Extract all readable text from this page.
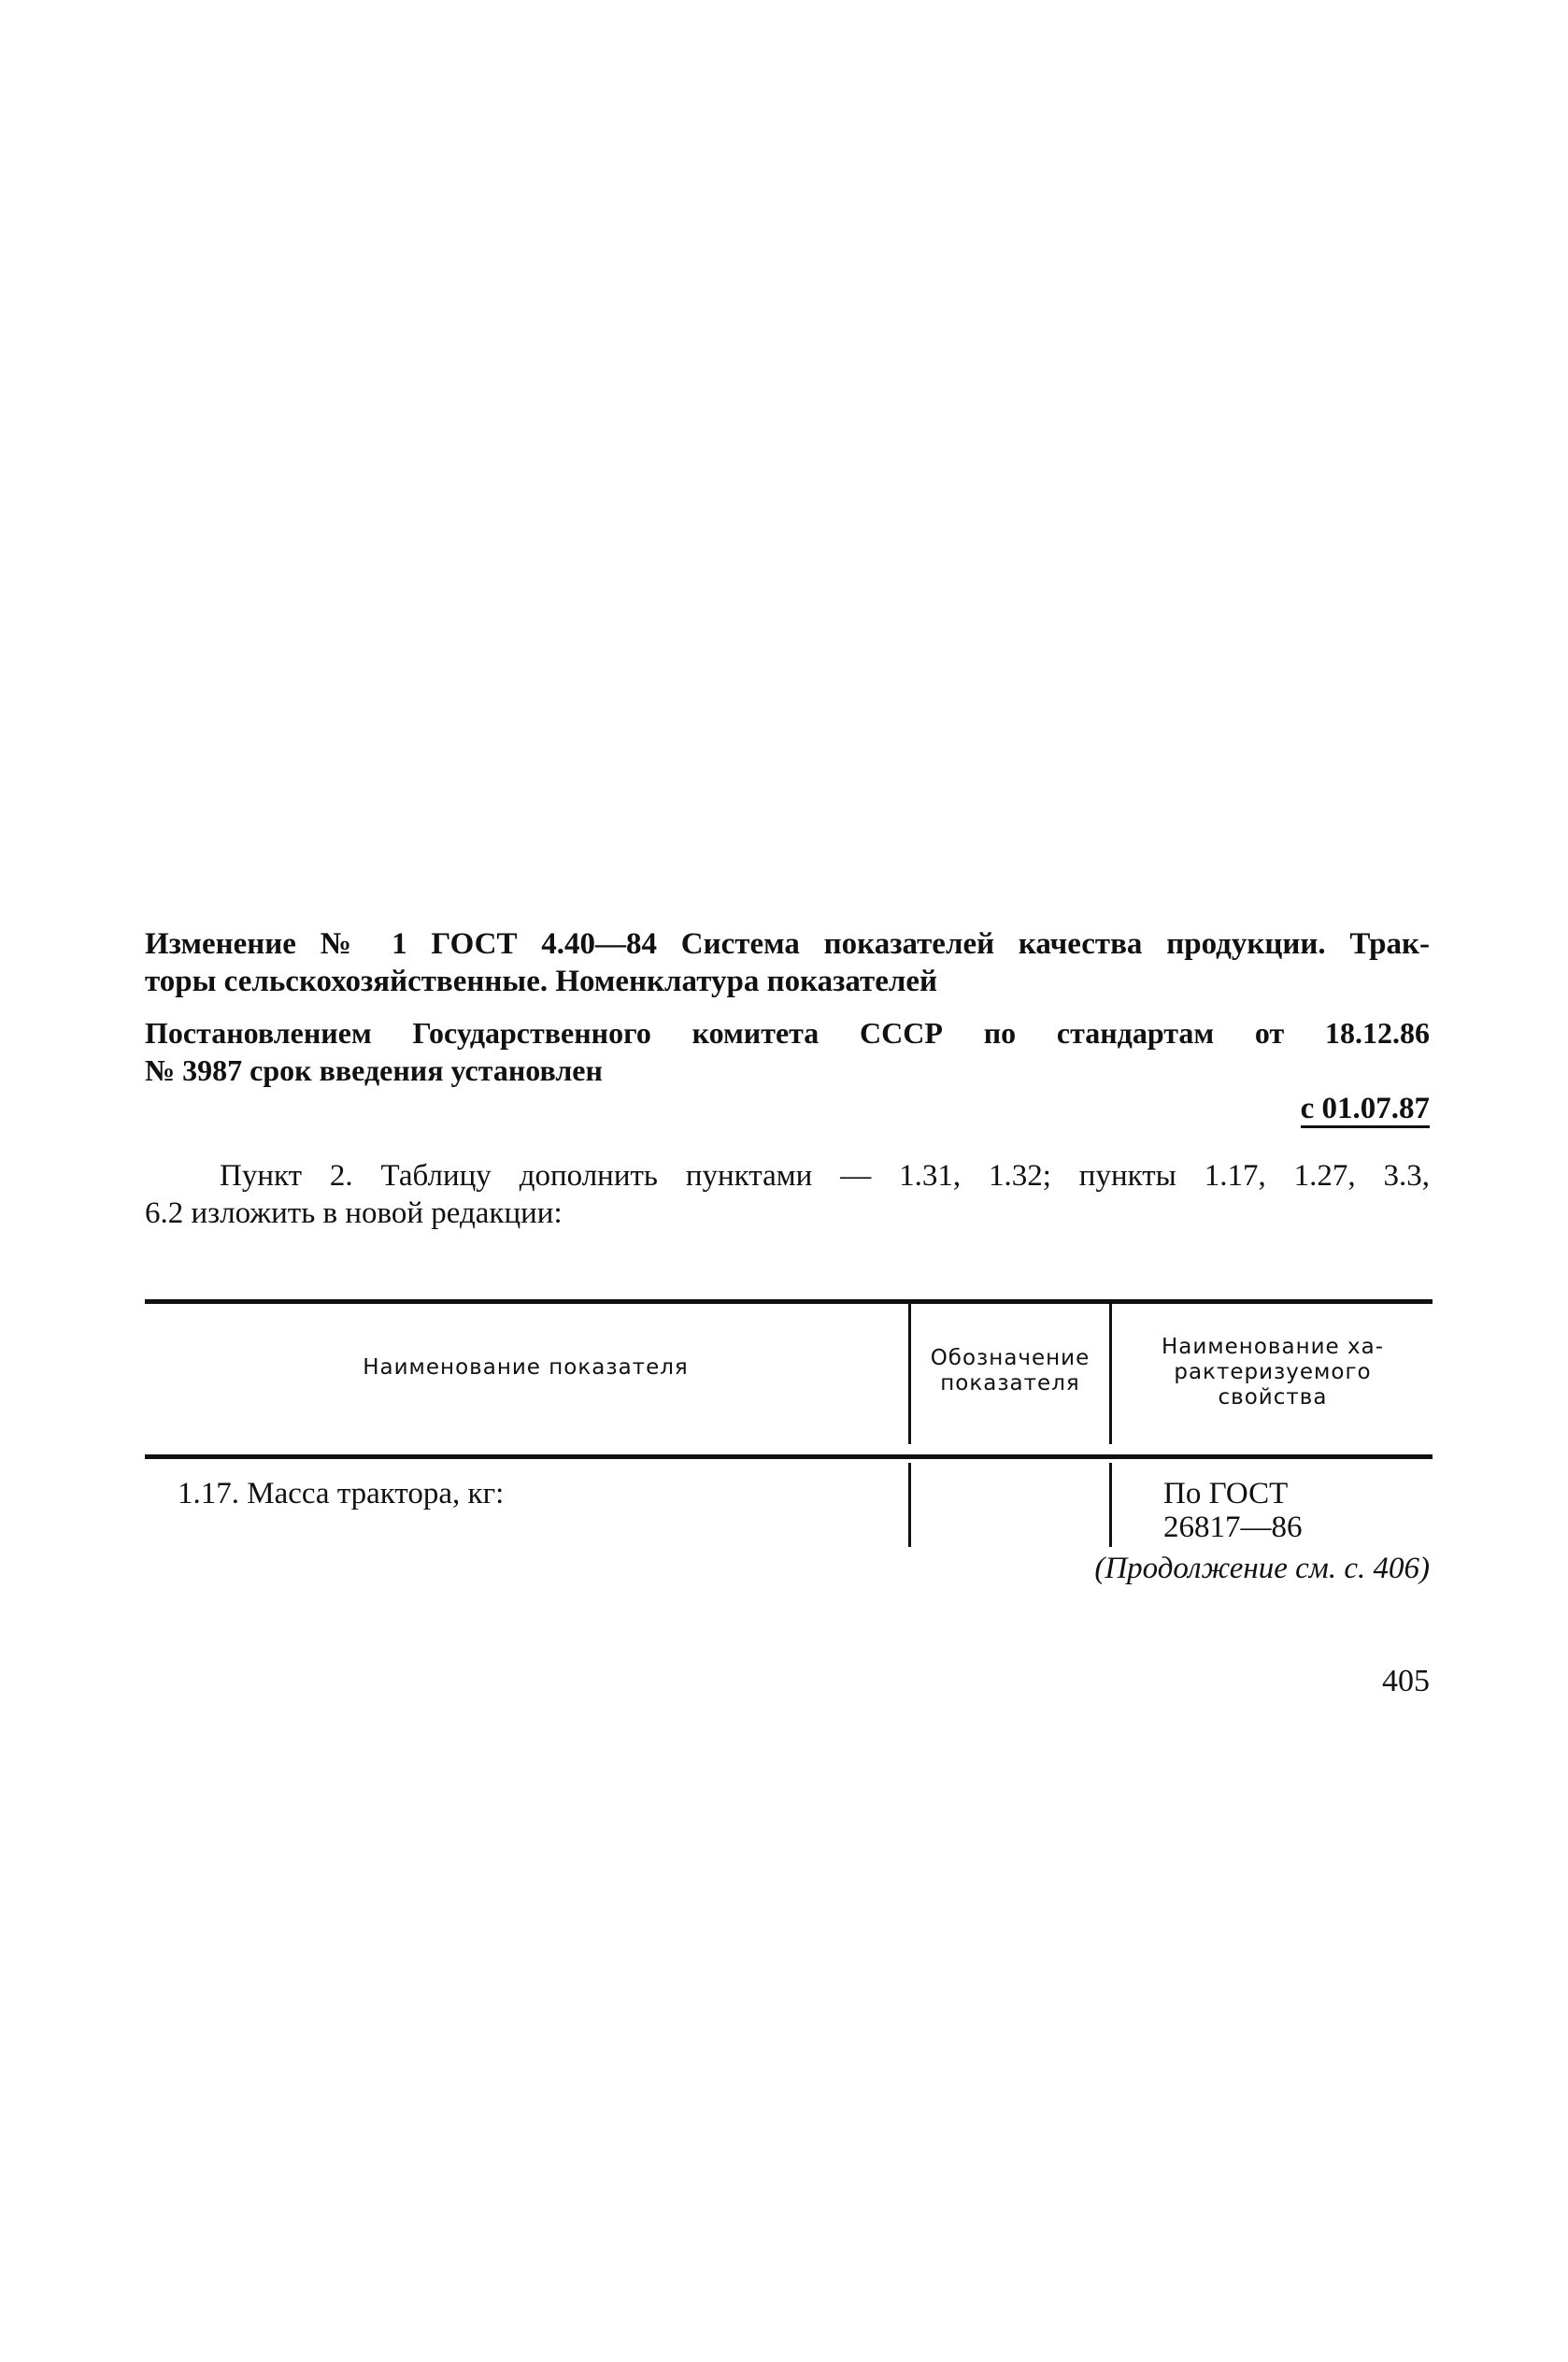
Изменение № 1 ГОСТ 4.40—84 Система показателей качества продукции. Трак-
торы сельскохозяйственные. Номенклатура показателей
Постановлением Государственного комитета СССР по стандартам от 18.12.86
№ 3987 срок введения установлен
с 01.07.87
Пункт 2. Таблицу дополнить пунктами — 1.31, 1.32; пункты 1.17, 1.27, 3.3,
6.2 изложить в новой редакции:
Наименование показателя	Обозначение
показателя
Наименование ха-
рактеризуемого
свойства
1.17. Масса трактора, кг:	По ГОСТ
26817—86
(Продолжение см. с. 406)
405
